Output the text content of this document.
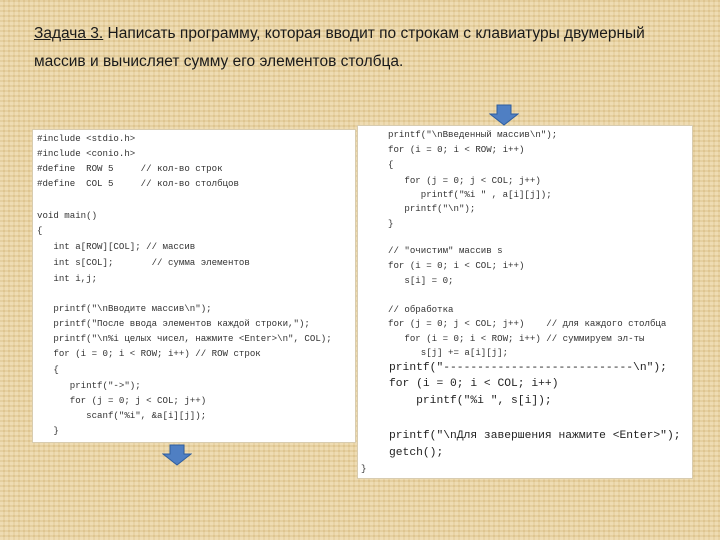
Задача 3. Написать программу, которая вводит по строкам с клавиатуры двумерный массив и вычисляет сумму его элементов столбца.

#include <stdio.h>
#include <conio.h>
#define  ROW 5     // кол-во строк
#define  COL 5     // кол-во столбцов
void main()
{
int a[ROW][COL]; // массив
int s[COL];       // сумма элементов
int i,j;
printf("\nВводите массив\n");
printf("После ввода элементов каждой строки,");
printf("\n%i целых чисел, нажмите <Enter>\n", COL);
for (i = 0; i < ROW; i++) // ROW строк
{
printf("->");
for (j = 0; j < COL; j++)
scanf("%i", &a[i][j]);
}
printf("\nВведенный массив\n");
for (i = 0; i < ROW; i++)
{
for (j = 0; j < COL; j++)
printf("%i " , a[i][j]);
printf("\n");
}
// "очистим" массив s
for (i = 0; i < COL; i++)
s[i] = 0;
// обработка
for (j = 0; j < COL; j++)    // для каждого столбца
for (i = 0; i < ROW; i++) // суммируем эл-ты
s[j] += a[i][j];
printf("----------------------------\n");
for (i = 0; i < COL; i++)
printf("%i ", s[i]);
printf("\nДля завершения нажмите <Enter>");
getch();
}
